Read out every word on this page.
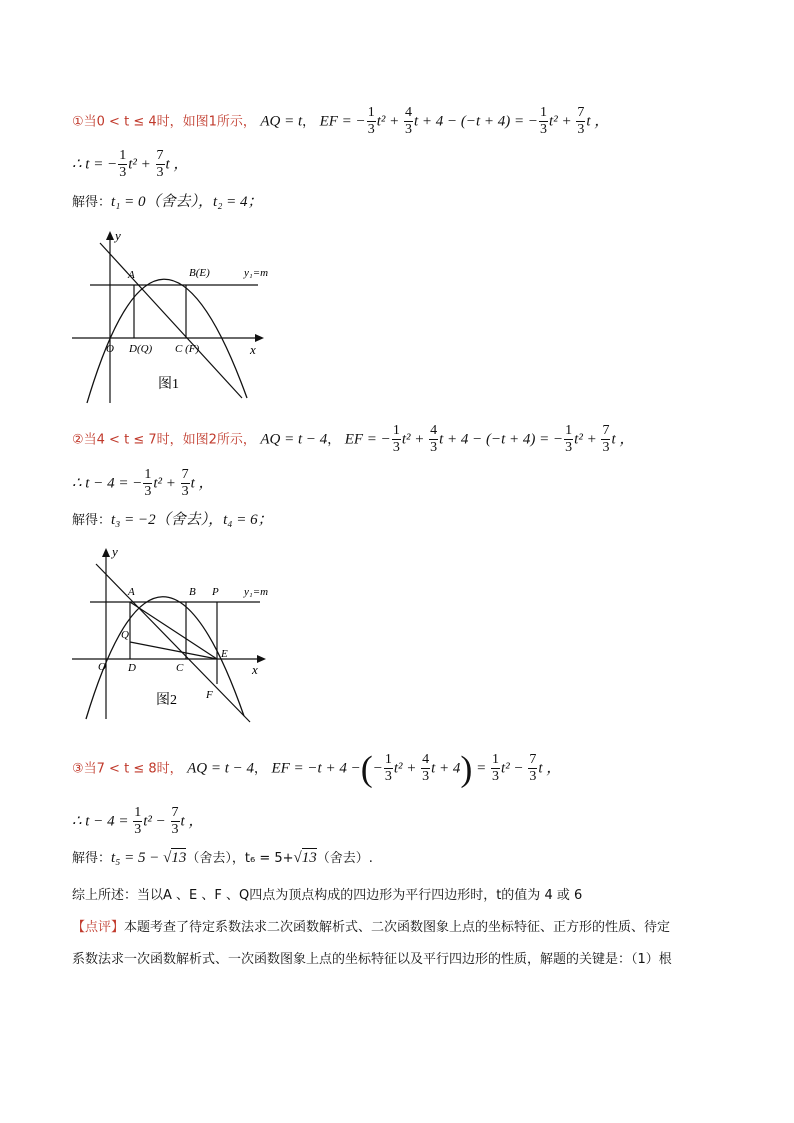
①当0 < t ≤ 4时，如图1所示， AQ = t， EF = − $\frac{1}{3} t^2 + \frac{4}{3}$ t + 4 − (−t + 4) = − $\frac{1}{3} t^2 + \frac{7}{3}$ t ，
∴ t = − $\frac{1}{3} t^2 + \frac{7}{3}$ t ，
解得：t₁ = 0（舍去），t₂ = 4；
y
x
O
A	B(E)	y₁=m
D(Q) C (F)
图1
②当4 < t ≤ 7时，如图2所示， AQ = t − 4， EF = − $\frac{1}{3} t^2 + \frac{4}{3}$ t + 4 − (−t + 4) = − $\frac{1}{3} t^2 + \frac{7}{3}$ t ，
∴ t − 4 = − $\frac{1}{3} t^2 + \frac{7}{3}$ t ，
解得：t₃ = −2（舍去），t₄ = 6；
y
x
O
A	B P y₁=m
Q
D	C
E
F
图2
③当7 < t ≤ 8时， AQ = t − 4， EF = −t + 4 −(− $\frac{1}{3} t^2 + \frac{4}{3}$ $t + 4) = \frac{1}{3} t^2 - \frac{7}{3}$ t ，
∴ $t - 4 = \frac{1}{3} t^2 - \frac{7}{3}$ t ，
解得：t₅ = 5 − √13（舍去），t₆ = 5+√13（舍去）.
综上所述：当以A 、E 、F 、Q四点为顶点构成的四边形为平行四边形时，t的值为 4 或 6
【点评】本题考查了待定系数法求二次函数解析式、二次函数图象上点的坐标特征、正方形的性质、待定
系数法求一次函数解析式、一次函数图象上点的坐标特征以及平行四边形的性质，解题的关键是：（1）根
